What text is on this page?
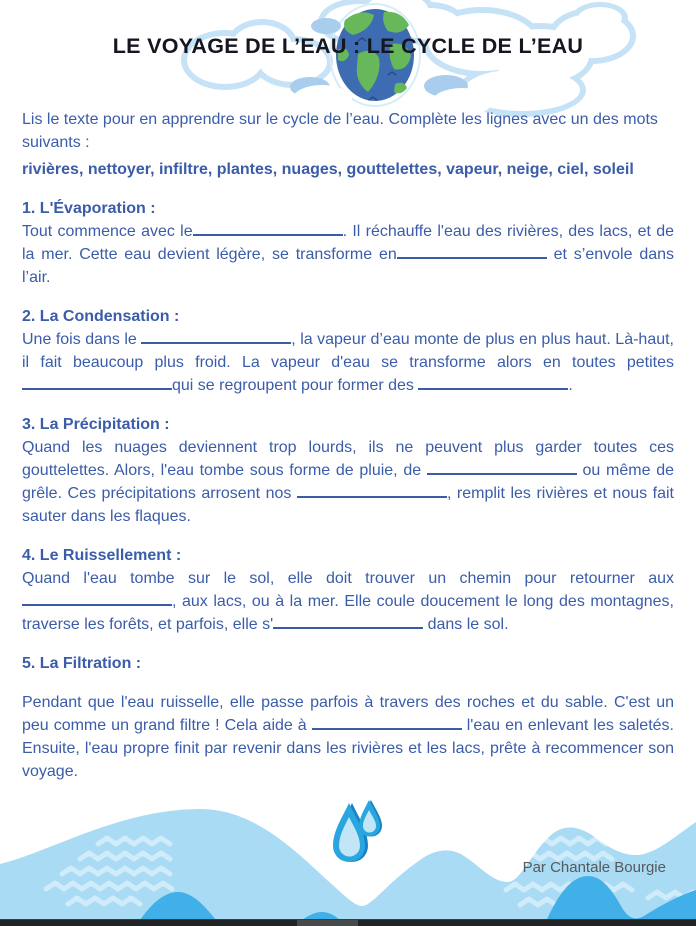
LE VOYAGE DE L’EAU : LE CYCLE DE L’EAU

Lis le texte pour en apprendre sur le cycle de l’eau. Complète les lignes avec un des mots suivants :

rivières, nettoyer, infiltre, plantes, nuages, gouttelettes, vapeur, neige, ciel, soleil

1. L'Évaporation :

Tout commence avec le	. Il réchauffe l'eau des rivières, des lacs, et de la mer. Cette eau devient légère, se transforme en	et s’envole dans l’air.

2. La Condensation :

Une fois dans le	, la vapeur d’eau monte de plus en plus haut. Là-haut, il fait beaucoup plus froid. La vapeur d'eau se transforme alors en toutes petites qui se regroupent pour former des	.

3. La Précipitation :

Quand les nuages deviennent trop lourds, ils ne peuvent plus garder toutes ces gouttelettes. Alors, l'eau tombe sous forme de pluie, de	ou même de grêle. Ces précipitations arrosent nos	, remplit les rivières et nous fait sauter dans les flaques.

4. Le Ruissellement :

Quand l'eau tombe sur le sol, elle doit trouver un chemin pour retourner aux , aux lacs, ou à la mer. Elle coule doucement le long des montagnes, traverse les forêts, et parfois, elle s'	dans le sol.

5. La Filtration :

Pendant que l'eau ruisselle, elle passe parfois à travers des roches et du sable. C'est un peu comme un grand filtre ! Cela aide à	l'eau en enlevant les saletés. Ensuite, l'eau propre finit par revenir dans les rivières et les lacs, prête à recommencer son voyage.

Par Chantale Bourgie
